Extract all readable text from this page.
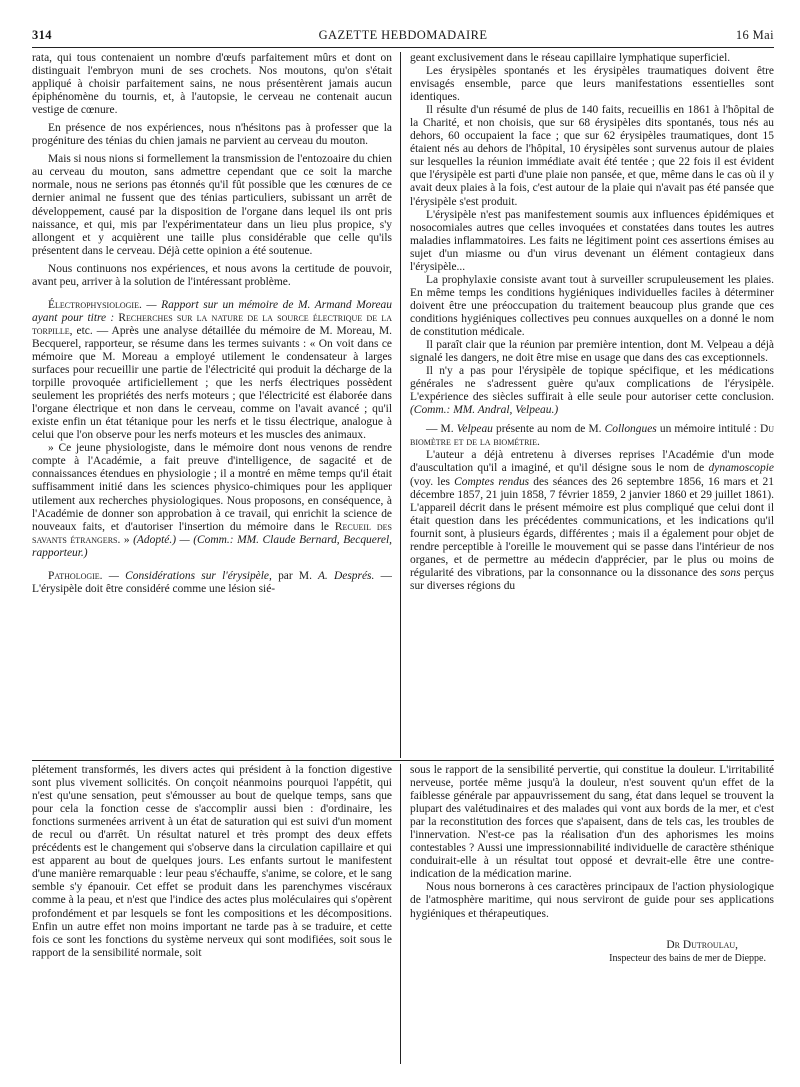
314	GAZETTE HEBDOMADAIRE	16 Mai

rata, qui tous contenaient un nombre d'œufs parfaitement mûrs et dont on distinguait l'embryon muni de ses crochets. Nos moutons, qu'on s'était appliqué à choisir parfaitement sains, ne nous présentèrent jamais aucun épiphénomène du tournis, et, à l'autopsie, le cerveau ne contenait aucun vestige de cœnure.

En présence de nos expériences, nous n'hésitons pas à professer que la progéniture des ténias du chien jamais ne parvient au cerveau du mouton.

Mais si nous nions si formellement la transmission de l'entozoaire du chien au cerveau du mouton, sans admettre cependant que ce soit la marche normale, nous ne serions pas étonnés qu'il fût possible que les cœnures de ce dernier animal ne fussent que des ténias particuliers, subissant un arrêt de développement, causé par la disposition de l'organe dans lequel ils ont pris naissance, et qui, mis par l'expérimentateur dans un lieu plus propice, s'y allongent et y acquièrent une taille plus considérable que celle qu'ils présentent dans le cerveau. Déjà cette opinion a été soutenue.

Nous continuons nos expériences, et nous avons la certitude de pouvoir, avant peu, arriver à la solution de l'intéressant problème.

Électrophysiologie. — Rapport sur un mémoire de M. Armand Moreau ayant pour titre : Recherches sur la nature de la source électrique de la torpille, etc. — Après une analyse détaillée du mémoire de M. Moreau, M. Becquerel, rapporteur, se résume dans les termes suivants : « On voit dans ce mémoire que M. Moreau a employé utilement le condensateur à larges surfaces pour recueillir une partie de l'électricité qui produit la décharge de la torpille provoquée artificiellement ; que les nerfs électriques possèdent seulement les propriétés des nerfs moteurs ; que l'électricité est élaborée dans l'organe électrique et non dans le cerveau, comme on l'avait avancé ; qu'il existe enfin un état tétanique pour les nerfs et le tissu électrique, analogue à celui que l'on observe pour les nerfs moteurs et les muscles des animaux.

» Ce jeune physiologiste, dans le mémoire dont nous venons de rendre compte à l'Académie, a fait preuve d'intelligence, de sagacité et de connaissances étendues en physiologie ; il a montré en même temps qu'il était suffisamment initié dans les sciences physico-chimiques pour les appliquer utilement aux recherches physiologiques. Nous proposons, en conséquence, à l'Académie de donner son approbation à ce travail, qui enrichit la science de nouveaux faits, et d'autoriser l'insertion du mémoire dans le Recueil des savants étrangers. » (Adopté.) — (Comm.: MM. Claude Bernard, Becquerel, rapporteur.)

Pathologie. — Considérations sur l'érysipèle, par M. A. Després. — L'érysipèle doit être considéré comme une lésion sié-

geant exclusivement dans le réseau capillaire lymphatique superficiel.

Les érysipèles spontanés et les érysipèles traumatiques doivent être envisagés ensemble, parce que leurs manifestations essentielles sont identiques.

Il résulte d'un résumé de plus de 140 faits, recueillis en 1861 à l'hôpital de la Charité, et non choisis, que sur 68 érysipèles dits spontanés, tous nés au dehors, 60 occupaient la face ; que sur 62 érysipèles traumatiques, dont 15 étaient nés au dehors de l'hôpital, 10 érysipèles sont survenus autour de plaies sur lesquelles la réunion immédiate avait été tentée ; que 22 fois il est évident que l'érysipèle est parti d'une plaie non pansée, et que, même dans le cas où il y avait deux plaies à la fois, c'est autour de la plaie qui n'avait pas été pansée que l'érysipèle s'est produit.

L'érysipèle n'est pas manifestement soumis aux influences épidémiques et nosocomiales autres que celles invoquées et constatées dans toutes les autres maladies inflammatoires. Les faits ne légitiment point ces assertions émises au sujet d'un miasme ou d'un virus devenant un élément contagieux dans l'érysipèle...

La prophylaxie consiste avant tout à surveiller scrupuleusement les plaies. En même temps les conditions hygiéniques individuelles faciles à déterminer doivent être une préoccupation du traitement beaucoup plus grande que ces conditions hygiéniques collectives peu connues auxquelles on a donné le nom de constitution médicale.

Il paraît clair que la réunion par première intention, dont M. Velpeau a déjà signalé les dangers, ne doit être mise en usage que dans des cas exceptionnels.

Il n'y a pas pour l'érysipèle de topique spécifique, et les médications générales ne s'adressent guère qu'aux complications de l'érysipèle. L'expérience des siècles suffirait à elle seule pour autoriser cette conclusion. (Comm.: MM. Andral, Velpeau.)

— M. Velpeau présente au nom de M. Collongues un mémoire intitulé : Du biomètre et de la biométrie.

L'auteur a déjà entretenu à diverses reprises l'Académie d'un mode d'auscultation qu'il a imaginé, et qu'il désigne sous le nom de dynamoscopie (voy. les Comptes rendus des séances des 26 septembre 1856, 16 mars et 21 décembre 1857, 21 juin 1858, 7 février 1859, 2 janvier 1860 et 29 juillet 1861). L'appareil décrit dans le présent mémoire est plus compliqué que celui dont il était question dans les précédentes communications, et les indications qu'il fournit sont, à plusieurs égards, différentes ; mais il a également pour objet de rendre perceptible à l'oreille le mouvement qui se passe dans l'intérieur de nos organes, et de permettre au médecin d'apprécier, par le plus ou moins de régularité des vibrations, par la consonnance ou la dissonance des sons perçus sur diverses régions du

plétement transformés, les divers actes qui président à la fonction digestive sont plus vivement sollicités. On conçoit néanmoins pourquoi l'appétit, qui n'est qu'une sensation, peut s'émousser au bout de quelque temps, sans que pour cela la fonction cesse de s'accomplir aussi bien : d'ordinaire, les fonctions surmenées arrivent à un état de saturation qui est suivi d'un moment de recul ou d'arrêt. Un résultat naturel et très prompt des deux effets précédents est le changement qui s'observe dans la circulation capillaire et qui est apparent au bout de quelques jours. Les enfants surtout le manifestent d'une manière remarquable : leur peau s'échauffe, s'anime, se colore, et le sang semble s'y épanouir. Cet effet se produit dans les parenchymes viscéraux comme à la peau, et n'est que l'indice des actes plus moléculaires qui s'opèrent profondément et par lesquels se font les compositions et les décompositions. Enfin un autre effet non moins important ne tarde pas à se traduire, et cette fois ce sont les fonctions du système nerveux qui sont modifiées, soit sous le rapport de la sensibilité normale, soit

sous le rapport de la sensibilité pervertie, qui constitue la douleur. L'irritabilité nerveuse, portée même jusqu'à la douleur, n'est souvent qu'un effet de la faiblesse générale par appauvrissement du sang, état dans lequel se trouvent la plupart des valétudinaires et des malades qui vont aux bords de la mer, et c'est par la reconstitution des forces que s'apaisent, dans de tels cas, les troubles de l'innervation. N'est-ce pas la réalisation d'un des aphorismes les moins contestables ? Aussi une impressionnabilité individuelle de caractère sthénique conduirait-elle à un résultat tout opposé et devrait-elle être une contre-indication de la médication marine.

Nous nous bornerons à ces caractères principaux de l'action physiologique de l'atmosphère maritime, qui nous serviront de guide pour ses applications hygiéniques et thérapeutiques.

Dr Dutroulau,

Inspecteur des bains de mer de Dieppe.
